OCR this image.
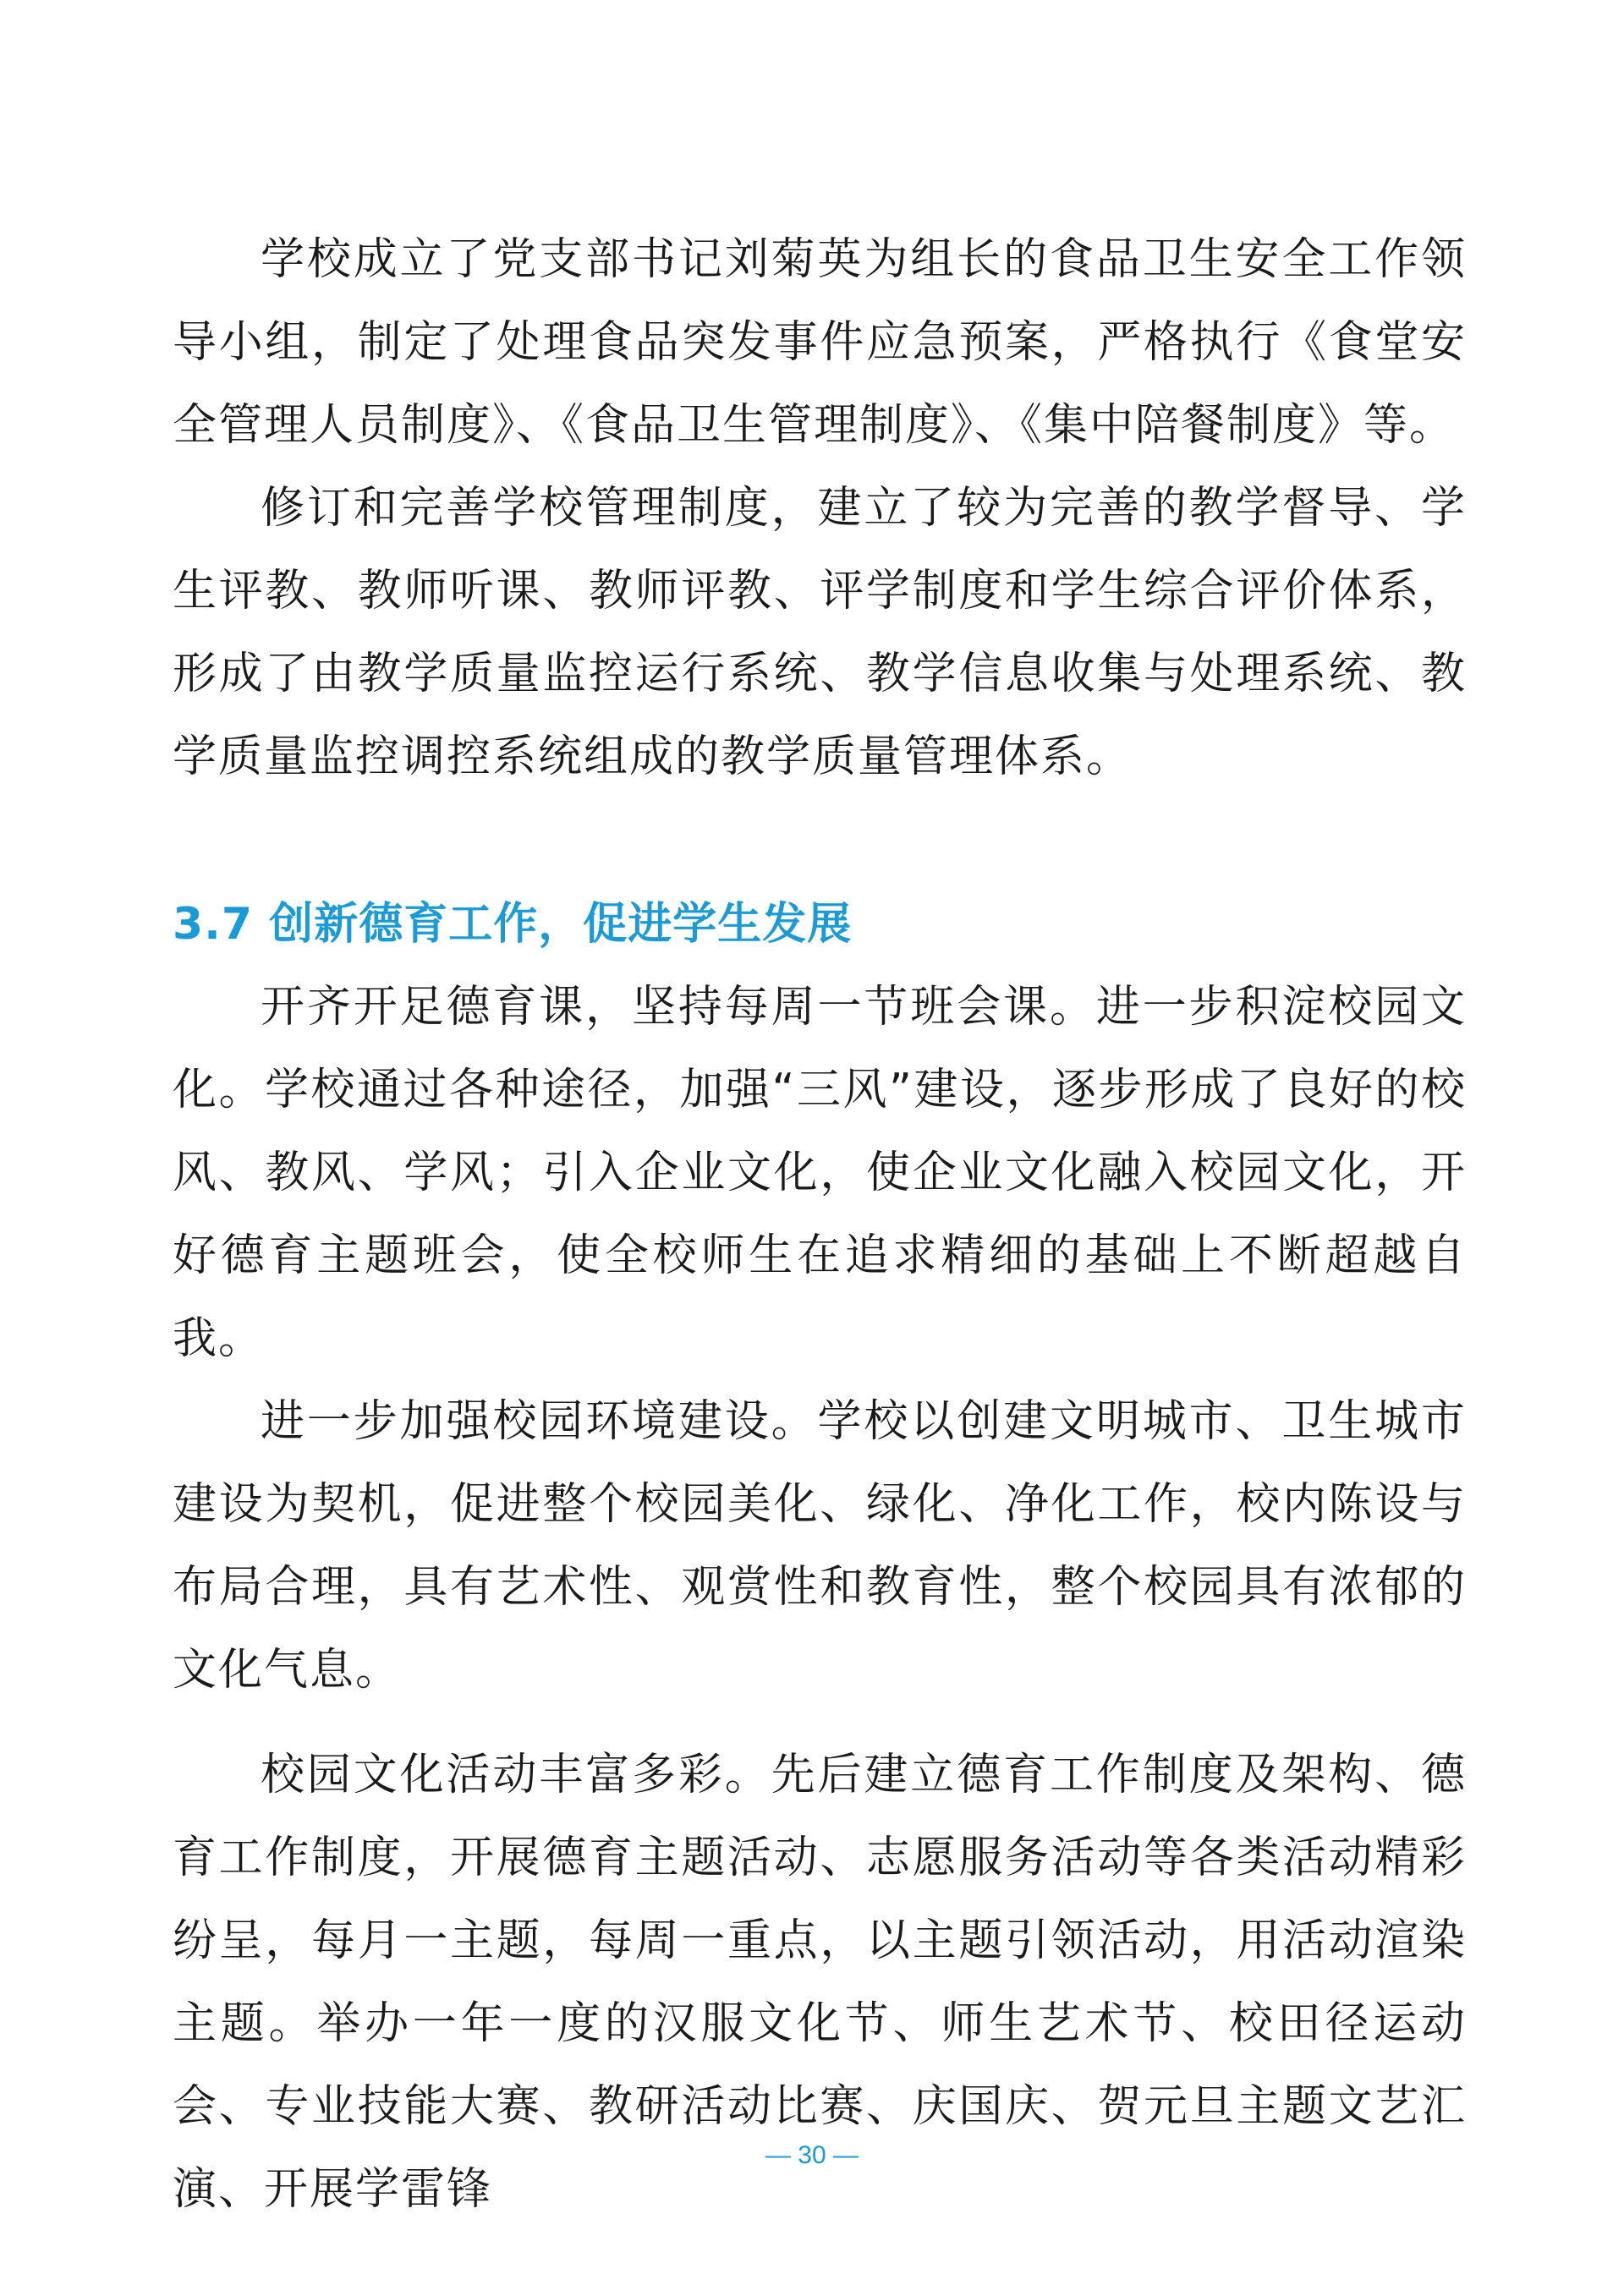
学校成立了党支部书记刘菊英为组长的食品卫生安全工作领导小组，制定了处理食品突发事件应急预案，严格执行《食堂安全管理人员制度》、《食品卫生管理制度》、《集中陪餐制度》等。

修订和完善学校管理制度，建立了较为完善的教学督导、学生评教、教师听课、教师评教、评学制度和学生综合评价体系，形成了由教学质量监控运行系统、教学信息收集与处理系统、教学质量监控调控系统组成的教学质量管理体系。

3.7 创新德育工作，促进学生发展

开齐开足德育课，坚持每周一节班会课。进一步积淀校园文化。学校通过各种途径，加强“三风”建设，逐步形成了良好的校风、教风、学风；引入企业文化，使企业文化融入校园文化，开好德育主题班会，使全校师生在追求精细的基础上不断超越自我。

进一步加强校园环境建设。学校以创建文明城市、卫生城市建设为契机，促进整个校园美化、绿化、净化工作，校内陈设与布局合理，具有艺术性、观赏性和教育性，整个校园具有浓郁的文化气息。

校园文化活动丰富多彩。先后建立德育工作制度及架构、德育工作制度，开展德育主题活动、志愿服务活动等各类活动精彩纷呈，每月一主题，每周一重点，以主题引领活动，用活动渲染主题。举办一年一度的汉服文化节、师生艺术节、校田径运动会、专业技能大赛、教研活动比赛、庆国庆、贺元旦主题文艺汇演、开展学雷锋

— 30 —
